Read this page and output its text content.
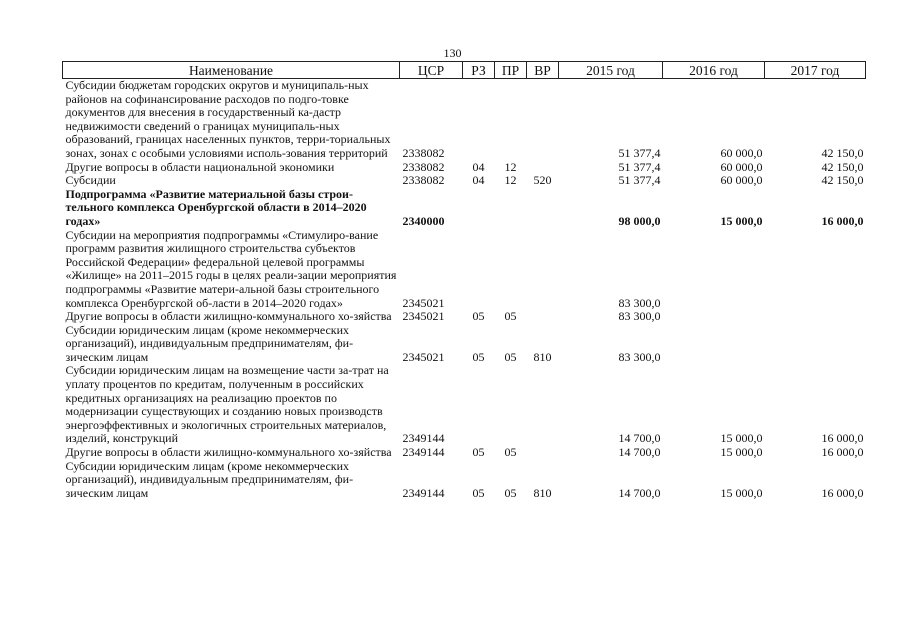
130
Наименование	ЦСР	РЗ	ПР	ВР	2015 год	2016 год	2017 год
Субсидии бюджетам городских округов и муниципаль-ных районов на софинансирование расходов по подго-товке документов для внесения в государственный ка-дастр недвижимости сведений о границах муниципаль-ных образований, границах населенных пунктов, терри-ториальных зонах, зонах с особыми условиями исполь-зования территорий	2338082				51 377,4	60 000,0	42 150,0
Другие вопросы в области национальной экономики	2338082	04	12		51 377,4	60 000,0	42 150,0
Субсидии	2338082	04	12	520	51 377,4	60 000,0	42 150,0
Подпрограмма «Развитие материальной базы строи-тельного комплекса Оренбургской области в 2014–2020 годах»	2340000				98 000,0	15 000,0	16 000,0
Субсидии на мероприятия подпрограммы «Стимулиро-вание программ развития жилищного строительства субъектов Российской Федерации» федеральной целевой программы «Жилище» на 2011–2015 годы в целях реали-зации мероприятия подпрограммы «Развитие матери-альной базы строительного комплекса Оренбургской об-ласти в 2014–2020 годах»	2345021				83 300,0		
Другие вопросы в области жилищно-коммунального хо-зяйства	2345021	05	05		83 300,0		
Субсидии юридическим лицам (кроме некоммерческих организаций), индивидуальным предпринимателям, фи-зическим лицам	2345021	05	05	810	83 300,0		
Субсидии юридическим лицам на возмещение части за-трат на уплату процентов по кредитам, полученным в российских кредитных организациях на реализацию проектов по модернизации существующих и созданию новых производств энергоэффективных и экологичных строительных материалов, изделий, конструкций	2349144				14 700,0	15 000,0	16 000,0
Другие вопросы в области жилищно-коммунального хо-зяйства	2349144	05	05		14 700,0	15 000,0	16 000,0
Субсидии юридическим лицам (кроме некоммерческих организаций), индивидуальным предпринимателям, фи-зическим лицам	2349144	05	05	810	14 700,0	15 000,0	16 000,0
